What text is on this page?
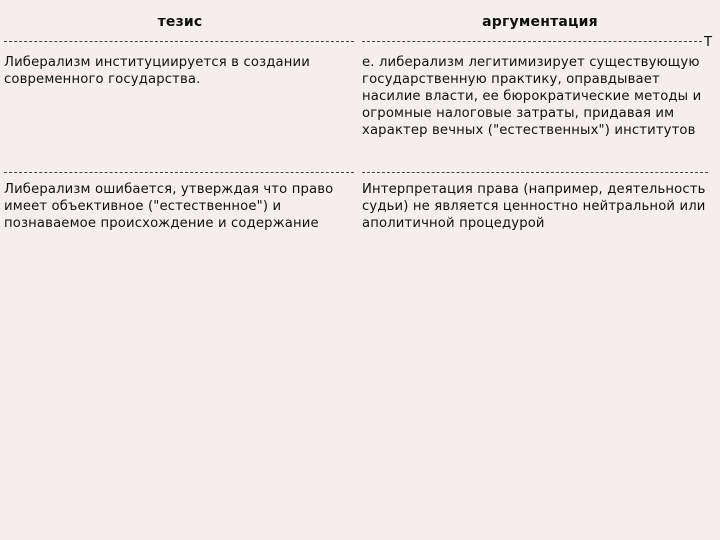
тезис	аргументация
Т
Либерализм институциируется в создании современного государства.
е. либерализм легитимизирует существующую государственную практику, оправдывает насилие власти, ее бюрократические методы и огромные налоговые затраты, придавая им характер вечных ("естественных") институтов
Либерализм ошибается, утверждая что право имеет объективное ("естественное") и познаваемое происхождение и содержание
Интерпретация права (например, деятельность судьи) не является ценностно нейтральной или аполитичной процедурой
